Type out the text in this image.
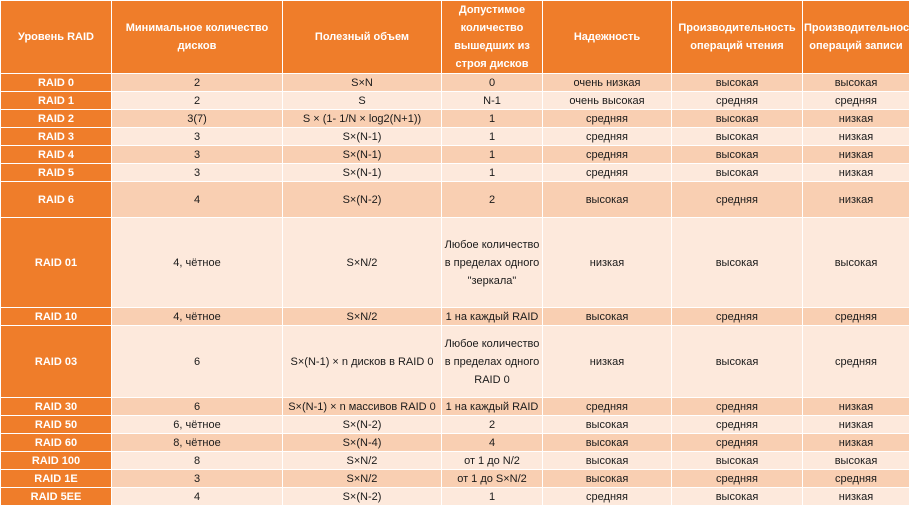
Уровень RAID	Минимальное количество дисков	Полезный объем	Допустимое количество вышедших из строя дисков	Надежность	Производительность операций чтения	Производительность операций записи
RAID 0	2	S×N	0	очень низкая	высокая	высокая
RAID 1	2	S	N-1	очень высокая	средняя	средняя
RAID 2	3(7)	S × (1- 1/N × log2(N+1))	1	средняя	высокая	низкая
RAID 3	3	S×(N-1)	1	средняя	высокая	низкая
RAID 4	3	S×(N-1)	1	средняя	высокая	низкая
RAID 5	3	S×(N-1)	1	средняя	высокая	низкая
RAID 6	4	S×(N-2)	2	высокая	средняя	низкая
RAID 01	4, чётное	S×N/2	Любое количество в пределах одного "зеркала"	низкая	высокая	высокая
RAID 10	4, чётное	S×N/2	1 на каждый RAID	высокая	средняя	средняя
RAID 03	6	S×(N-1) × n дисков в RAID 0	Любое количество в пределах одного RAID 0	низкая	высокая	средняя
RAID 30	6	S×(N-1) × n массивов RAID 0	1 на каждый RAID	средняя	средняя	низкая
RAID 50	6, чётное	S×(N-2)	2	высокая	средняя	низкая
RAID 60	8, чётное	S×(N-4)	4	высокая	средняя	низкая
RAID 100	8	S×N/2	от 1 до N/2	высокая	высокая	высокая
RAID 1E	3	S×N/2	от 1 до S×N/2	высокая	средняя	средняя
RAID 5EE	4	S×(N-2)	1	средняя	высокая	низкая
